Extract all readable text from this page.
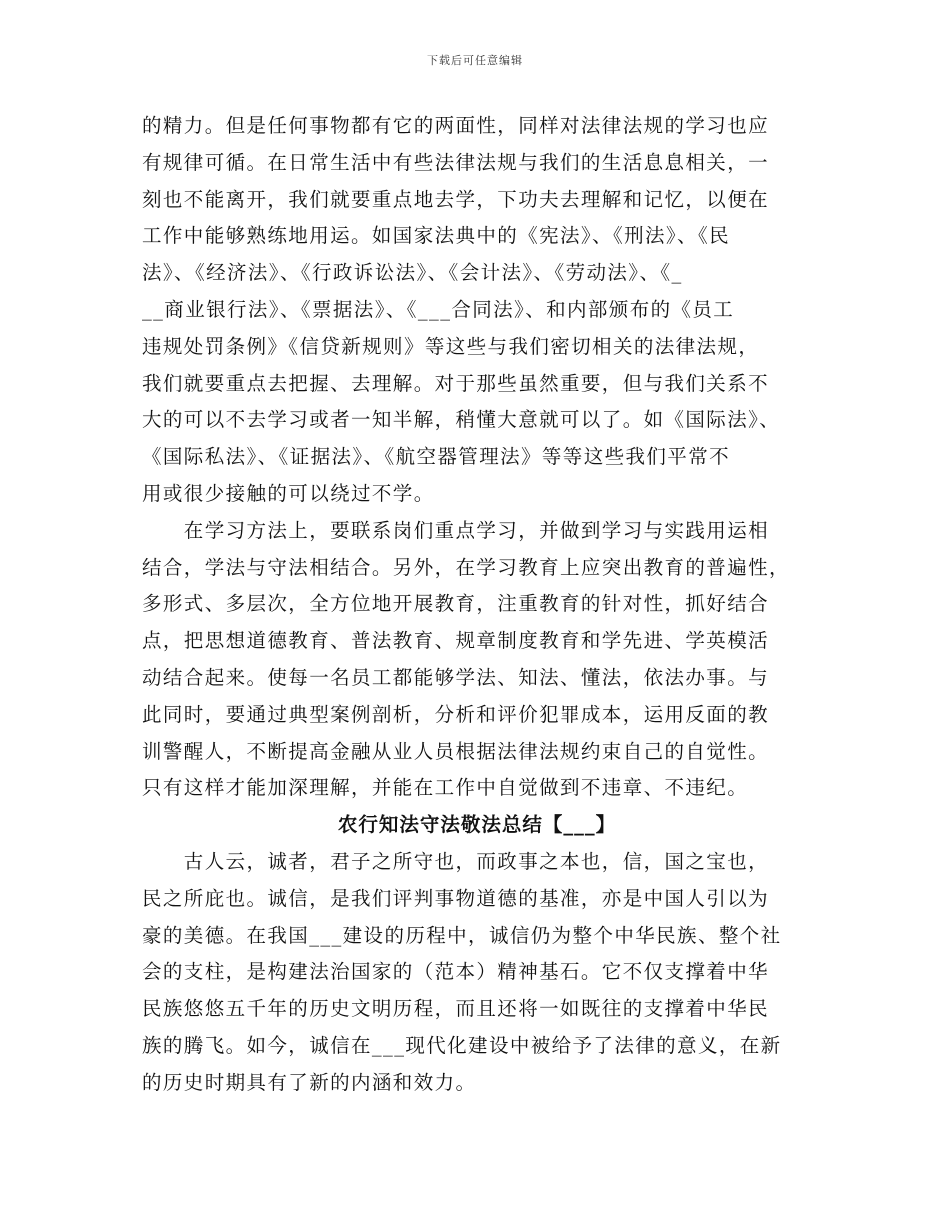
下载后可任意编辑
的精力。但是任何事物都有它的两面性，同样对法律法规的学习也应
有规律可循。在日常生活中有些法律法规与我们的生活息息相关，一
刻也不能离开，我们就要重点地去学，下功夫去理解和记忆，以便在
工作中能够熟练地用运。如国家法典中的《宪法》、《刑法》、《民
法》、《经济法》、《行政诉讼法》、《会计法》、《劳动法》、《_
__商业银行法》、《票据法》、《___合同法》、和内部颁布的《员工
违规处罚条例》《信贷新规则》等这些与我们密切相关的法律法规，
我们就要重点去把握、去理解。对于那些虽然重要，但与我们关系不
大的可以不去学习或者一知半解，稍懂大意就可以了。如《国际法》、
《国际私法》、《证据法》、《航空器管理法》等等这些我们平常不
用或很少接触的可以绕过不学。
　　在学习方法上，要联系岗们重点学习，并做到学习与实践用运相
结合，学法与守法相结合。另外，在学习教育上应突出教育的普遍性，
多形式、多层次，全方位地开展教育，注重教育的针对性，抓好结合
点，把思想道德教育、普法教育、规章制度教育和学先进、学英模活
动结合起来。使每一名员工都能够学法、知法、懂法，依法办事。与
此同时，要通过典型案例剖析，分析和评价犯罪成本，运用反面的教
训警醒人，不断提高金融从业人员根据法律法规约束自己的自觉性。
只有这样才能加深理解，并能在工作中自觉做到不违章、不违纪。
农行知法守法敬法总结【___】
　　古人云，诚者，君子之所守也，而政事之本也，信，国之宝也，
民之所庇也。诚信，是我们评判事物道德的基准，亦是中国人引以为
豪的美德。在我国___建设的历程中，诚信仍为整个中华民族、整个社
会的支柱，是构建法治国家的（范本）精神基石。它不仅支撑着中华
民族悠悠五千年的历史文明历程，而且还将一如既往的支撑着中华民
族的腾飞。如今，诚信在___现代化建设中被给予了法律的意义，在新
的历史时期具有了新的内涵和效力。
